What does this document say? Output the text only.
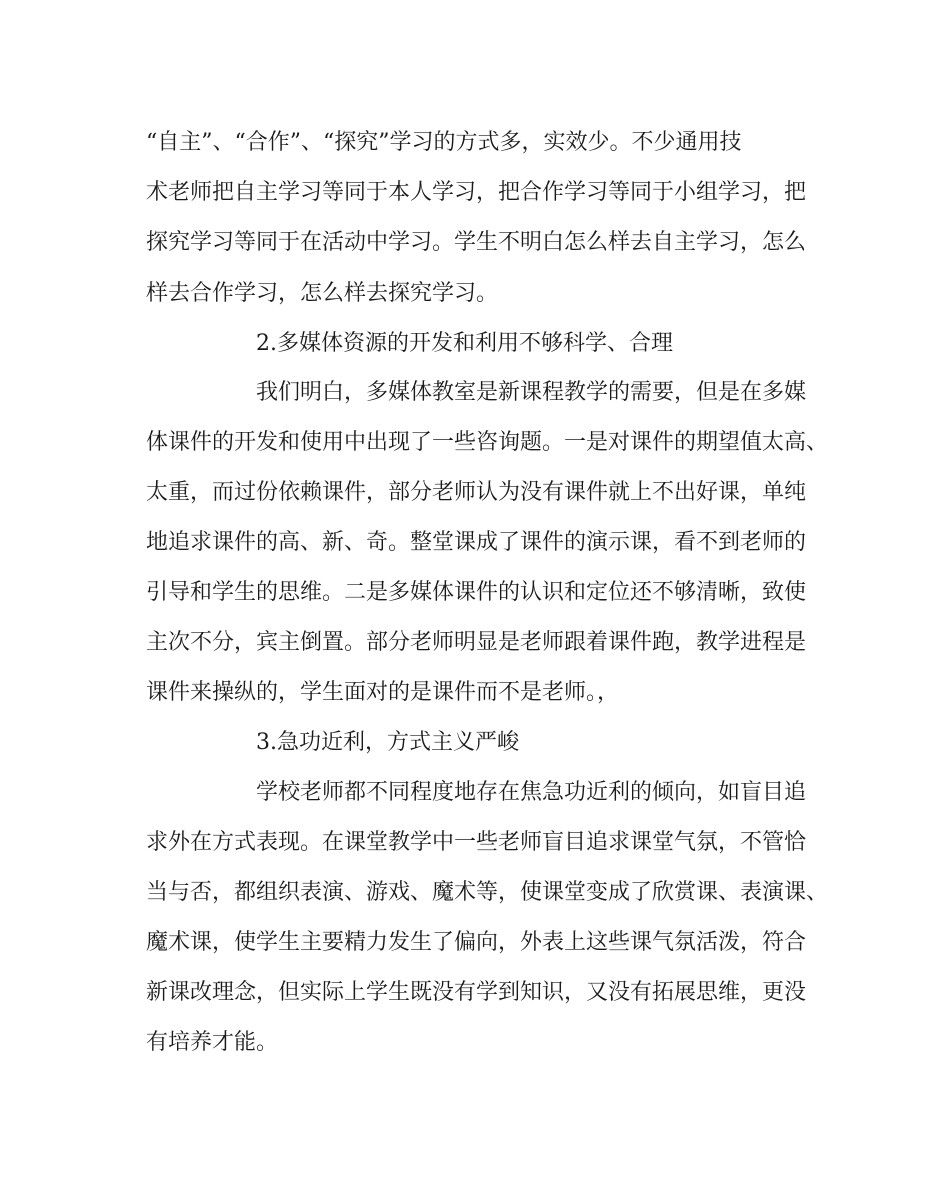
“自主”、“合作”、“探究”学习的方式多，实效少。不少通用技
术老师把自主学习等同于本人学习，把合作学习等同于小组学习，把
探究学习等同于在活动中学习。学生不明白怎么样去自主学习，怎么
样去合作学习，怎么样去探究学习。
2.多媒体资源的开发和利用不够科学、合理
我们明白，多媒体教室是新课程教学的需要，但是在多媒
体课件的开发和使用中出现了一些咨询题。一是对课件的期望值太高、
太重，而过份依赖课件，部分老师认为没有课件就上不出好课，单纯
地追求课件的高、新、奇。整堂课成了课件的演示课，看不到老师的
引导和学生的思维。二是多媒体课件的认识和定位还不够清晰，致使
主次不分，宾主倒置。部分老师明显是老师跟着课件跑，教学进程是
课件来操纵的，学生面对的是课件而不是老师。，
3.急功近利，方式主义严峻
学校老师都不同程度地存在焦急功近利的倾向，如盲目追
求外在方式表现。在课堂教学中一些老师盲目追求课堂气氛，不管恰
当与否，都组织表演、游戏、魔术等，使课堂变成了欣赏课、表演课、
魔术课，使学生主要精力发生了偏向，外表上这些课气氛活泼，符合
新课改理念，但实际上学生既没有学到知识，又没有拓展思维，更没
有培养才能。
